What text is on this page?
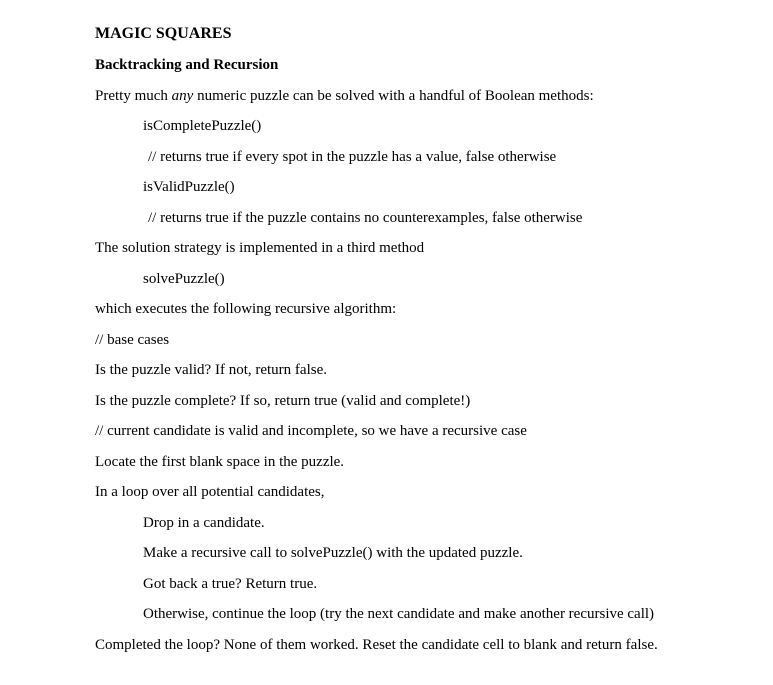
MAGIC SQUARES
Backtracking and Recursion
Pretty much any numeric puzzle can be solved with a handful of Boolean methods:
isCompletePuzzle()
// returns true if every spot in the puzzle has a value, false otherwise
isValidPuzzle()
// returns true if the puzzle contains no counterexamples, false otherwise
The solution strategy is implemented in a third method
solvePuzzle()
which executes the following recursive algorithm:
// base cases
Is the puzzle valid? If not, return false.
Is the puzzle complete? If so, return true (valid and complete!)
// current candidate is valid and incomplete, so we have a recursive case
Locate the first blank space in the puzzle.
In a loop over all potential candidates,
Drop in a candidate.
Make a recursive call to solvePuzzle() with the updated puzzle.
Got back a true? Return true.
Otherwise, continue the loop (try the next candidate and make another recursive call)
Completed the loop? None of them worked. Reset the candidate cell to blank and return false.
